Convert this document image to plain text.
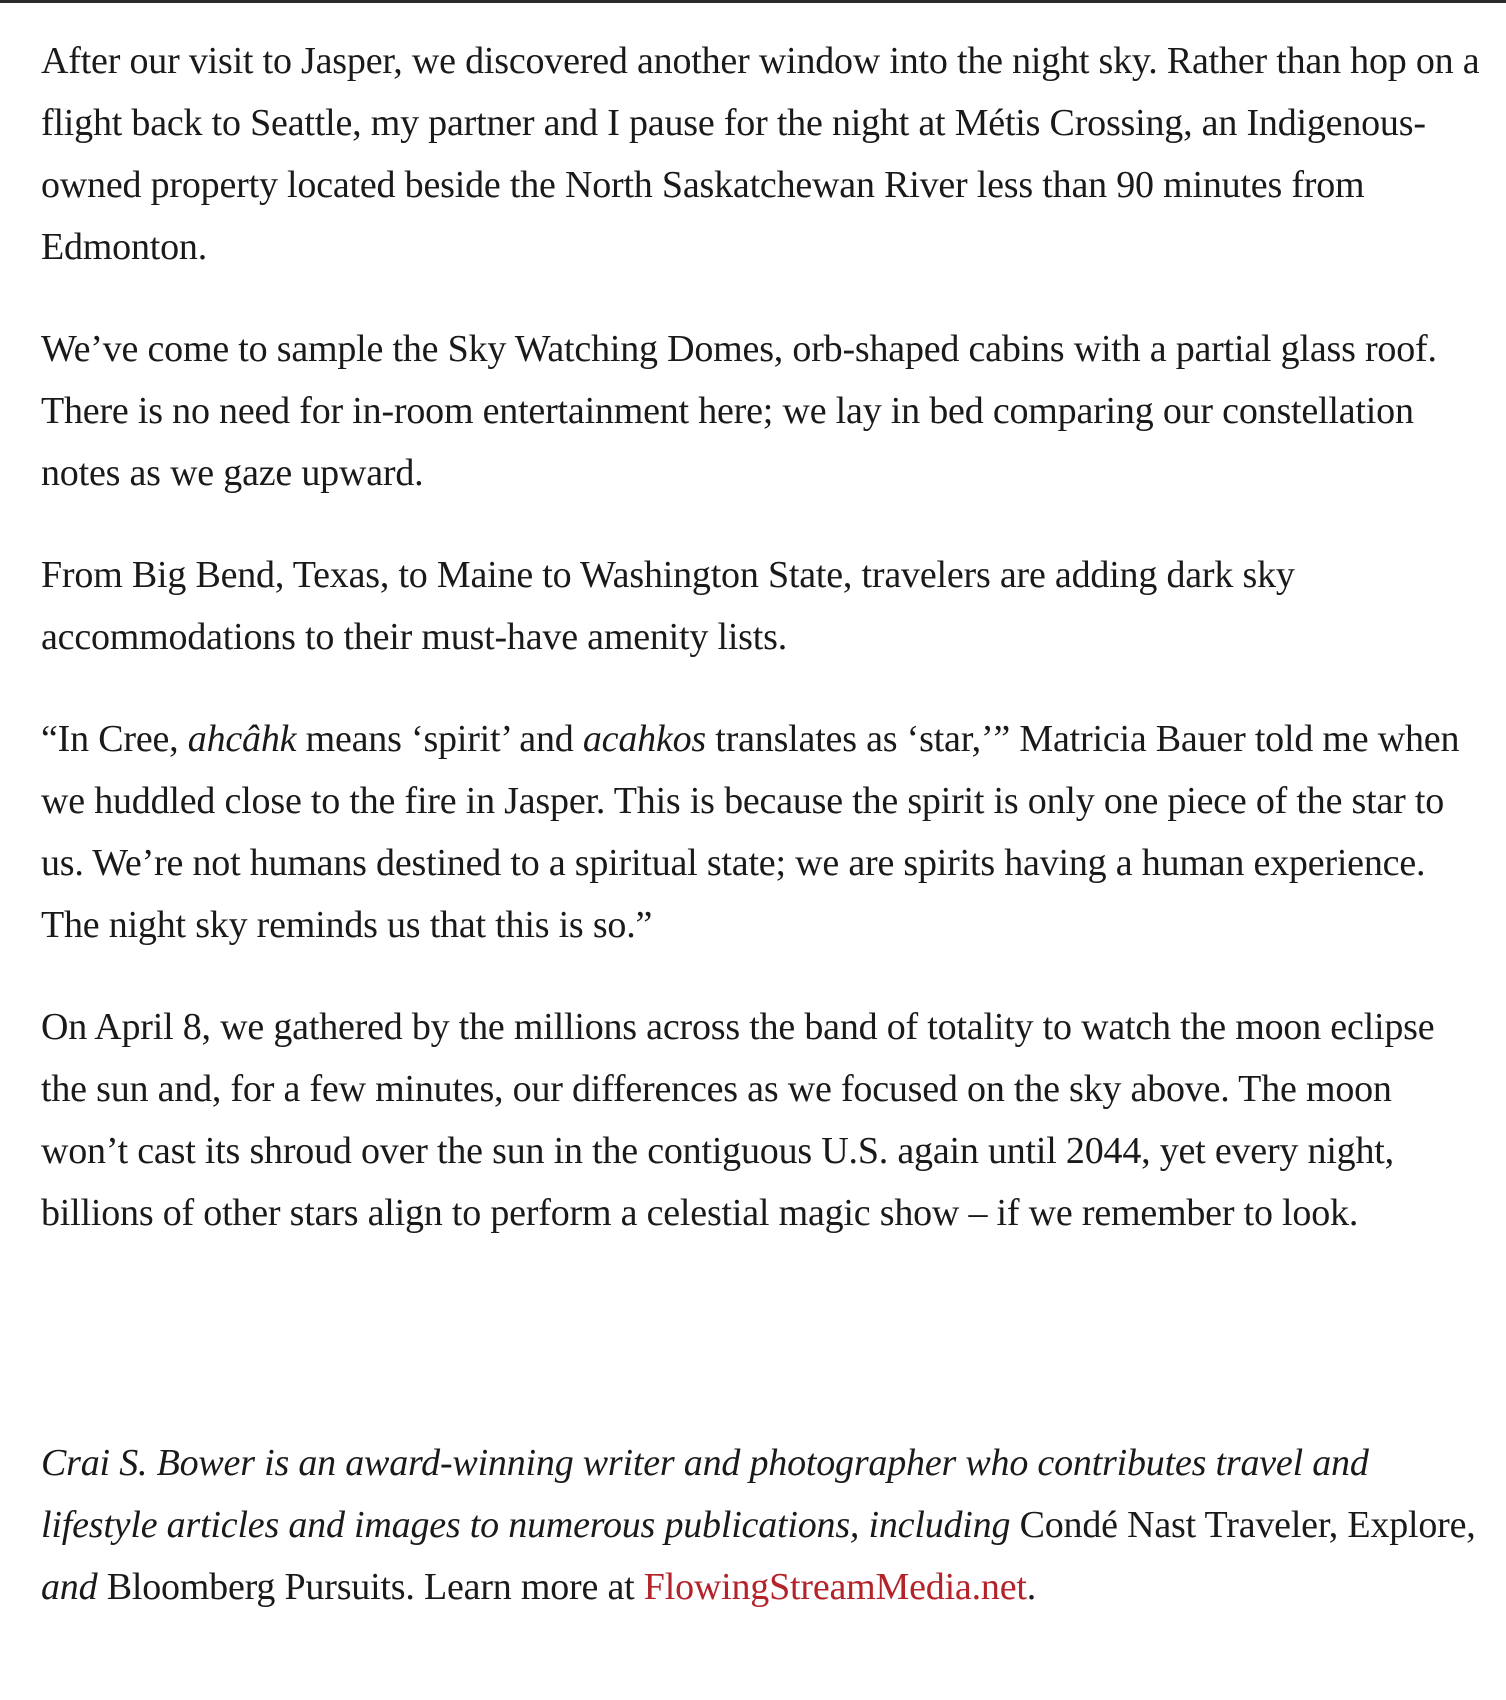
After our visit to Jasper, we discovered another window into the night sky. Rather than hop on a flight back to Seattle, my partner and I pause for the night at Métis Crossing, an Indigenous-owned property located beside the North Saskatchewan River less than 90 minutes from Edmonton.

We’ve come to sample the Sky Watching Domes, orb-shaped cabins with a partial glass roof. There is no need for in-room entertainment here; we lay in bed comparing our constellation notes as we gaze upward.

From Big Bend, Texas, to Maine to Washington State, travelers are adding dark sky accommodations to their must-have amenity lists.

“In Cree, ahcâhk means ‘spirit’ and acahkos translates as ‘star,’” Matricia Bauer told me when we huddled close to the fire in Jasper. This is because the spirit is only one piece of the star to us. We’re not humans destined to a spiritual state; we are spirits having a human experience. The night sky reminds us that this is so.”

On April 8, we gathered by the millions across the band of totality to watch the moon eclipse the sun and, for a few minutes, our differences as we focused on the sky above. The moon won’t cast its shroud over the sun in the contiguous U.S. again until 2044, yet every night, billions of other stars align to perform a celestial magic show – if we remember to look.

Crai S. Bower is an award-winning writer and photographer who contributes travel and lifestyle articles and images to numerous publications, including Condé Nast Traveler, Explore, and Bloomberg Pursuits. Learn more at FlowingStreamMedia.net.
